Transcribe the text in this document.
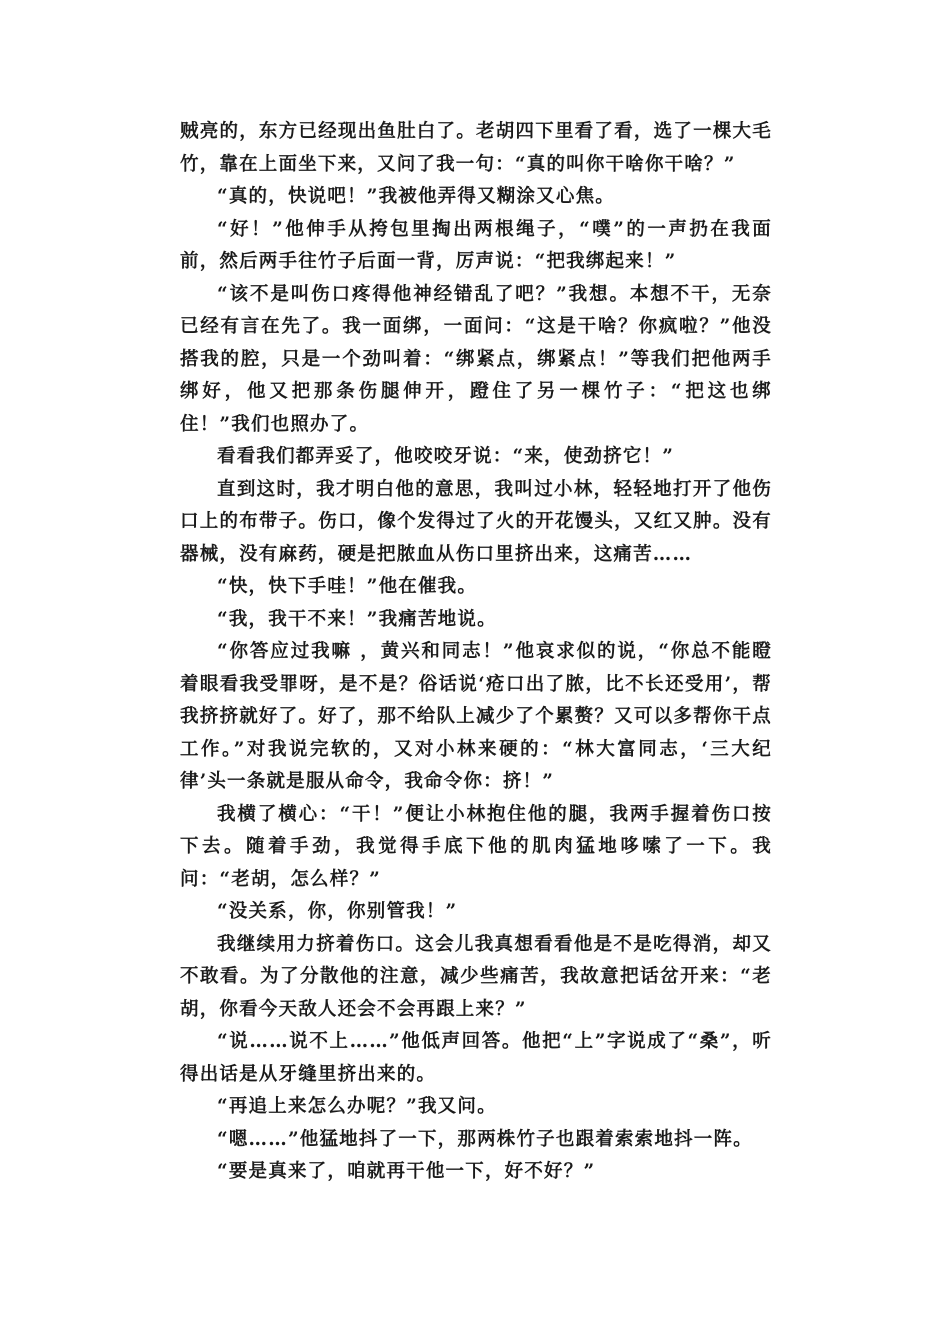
贼亮的，东方已经现出鱼肚白了。老胡四下里看了看，选了一棵大毛竹，靠在上面坐下来，又问了我一句：“真的叫你干啥你干啥？”

“真的，快说吧！”我被他弄得又糊涂又心焦。

“好！”他伸手从挎包里掏出两根绳子，“噗”的一声扔在我面前，然后两手往竹子后面一背，厉声说：“把我绑起来！”

“该不是叫伤口疼得他神经错乱了吧？”我想。本想不干，无奈已经有言在先了。我一面绑，一面问：“这是干啥？你疯啦？”他没搭我的腔，只是一个劲叫着：“绑紧点，绑紧点！”等我们把他两手绑好，他又把那条伤腿伸开，蹬住了另一棵竹子：“把这也绑住！”我们也照办了。

看看我们都弄妥了，他咬咬牙说：“来，使劲挤它！”

直到这时，我才明白他的意思，我叫过小林，轻轻地打开了他伤口上的布带子。伤口，像个发得过了火的开花馒头，又红又肿。没有器械，没有麻药，硬是把脓血从伤口里挤出来，这痛苦……

“快，快下手哇！”他在催我。

“我，我干不来！”我痛苦地说。

“你答应过我嘛 ，黄兴和同志！”他哀求似的说，“你总不能瞪着眼看我受罪呀，是不是？俗话说‘疮口出了脓，比不长还受用’，帮我挤挤就好了。好了，那不给队上减少了个累赘？又可以多帮你干点工作。”对我说完软的，又对小林来硬的：“林大富同志，‘三大纪律’头一条就是服从命令，我命令你：挤！”

我横了横心：“干！”便让小林抱住他的腿，我两手握着伤口按下去。随着手劲，我觉得手底下他的肌肉猛地哆嗦了一下。我问：“老胡，怎么样？”

“没关系，你，你别管我！”

我继续用力挤着伤口。这会儿我真想看看他是不是吃得消，却又不敢看。为了分散他的注意，减少些痛苦，我故意把话岔开来：“老胡，你看今天敌人还会不会再跟上来？”

“说……说不上……”他低声回答。他把“上”字说成了“桑”，听得出话是从牙缝里挤出来的。

“再追上来怎么办呢？”我又问。

“嗯……”他猛地抖了一下，那两株竹子也跟着索索地抖一阵。

“要是真来了，咱就再干他一下，好不好？”
